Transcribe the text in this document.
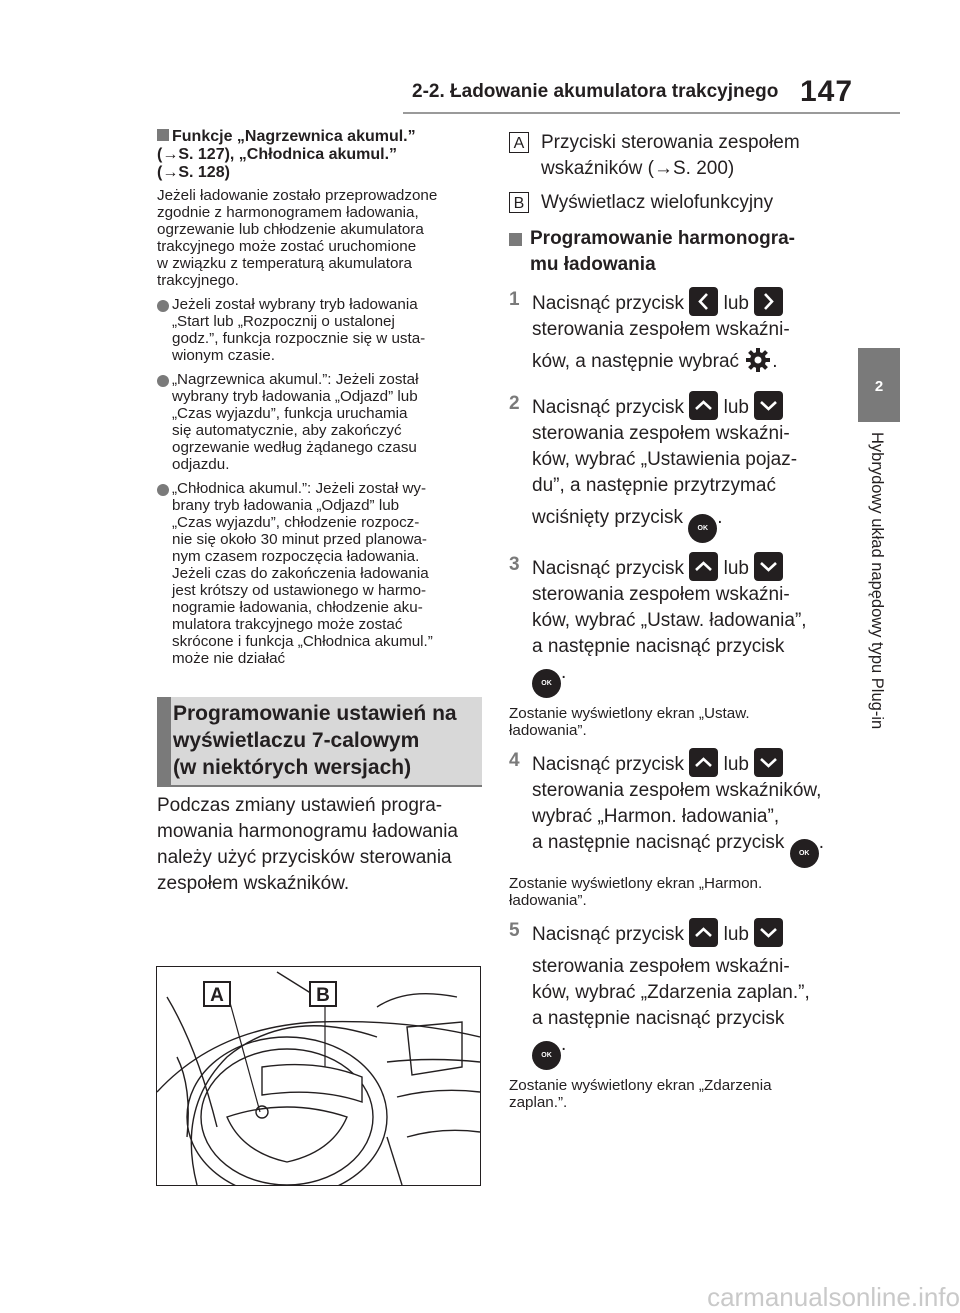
2-2. Ładowanie akumulatora trakcyjnego 147
2
Hybrydowy układ napędowy typu Plug-in

Funkcje „Nagrzewnica akumul.”
(→S. 127), „Chłodnica akumul.”
(→S. 128)

Jeżeli ładowanie zostało przeprowadzone
zgodnie z harmonogramem ładowania,
ogrzewanie lub chłodzenie akumulatora
trakcyjnego może zostać uruchomione
w związku z temperaturą akumulatora
trakcyjnego.

Jeżeli został wybrany tryb ładowania
„Start lub „Rozpocznij o ustalonej
godz.”, funkcja rozpocznie się w usta-
wionym czasie.

„Nagrzewnica akumul.”: Jeżeli został
wybrany tryb ładowania „Odjazd” lub
„Czas wyjazdu”, funkcja uruchamia
się automatycznie, aby zakończyć
ogrzewanie według żądanego czasu
odjazdu.

„Chłodnica akumul.”: Jeżeli został wy-
brany tryb ładowania „Odjazd” lub
„Czas wyjazdu”, chłodzenie rozpocz-
nie się około 30 minut przed planowa-
nym czasem rozpoczęcia ładowania.
Jeżeli czas do zakończenia ładowania
jest krótszy od ustawionego w harmo-
nogramie ładowania, chłodzenie aku-
mulatora trakcyjnego może zostać
skrócone i funkcja „Chłodnica akumul.”
może nie działać

Programowanie ustawień na
wyświetlaczu 7-calowym
(w niektórych wersjach)

Podczas zmiany ustawień progra-
mowania harmonogramu ładowania
należy użyć przycisków sterowania
zespołem wskaźników.

A	B
A Przyciski sterowania zespołem
wskaźników (→S. 200)
B Wyświetlacz wielofunkcyjny
Programowanie harmonogra-
mu ładowania
1 Nacisnąć przycisk lub

sterowania zespołem wskaźni-
ków, a następnie wybrać .
2 Nacisnąć przycisk lub

sterowania zespołem wskaźni-
ków, wybrać „Ustawienia pojaz-
du”, a następnie przytrzymać
wciśnięty przycisk OK.
3 Nacisnąć przycisk lub

sterowania zespołem wskaźni-
ków, wybrać „Ustaw. ładowania”,
a następnie nacisnąć przycisk
OK.

Zostanie wyświetlony ekran „Ustaw.
ładowania”.

4 Nacisnąć przycisk lub

sterowania zespołem wskaźników,
wybrać „Harmon. ładowania”,
a następnie nacisnąć przycisk OK.

Zostanie wyświetlony ekran „Harmon.
ładowania”.

5 Nacisnąć przycisk lub

sterowania zespołem wskaźni-
ków, wybrać „Zdarzenia zaplan.”,
a następnie nacisnąć przycisk
OK.

Zostanie wyświetlony ekran „Zdarzenia
zaplan.”.

carmanualsonline.info
